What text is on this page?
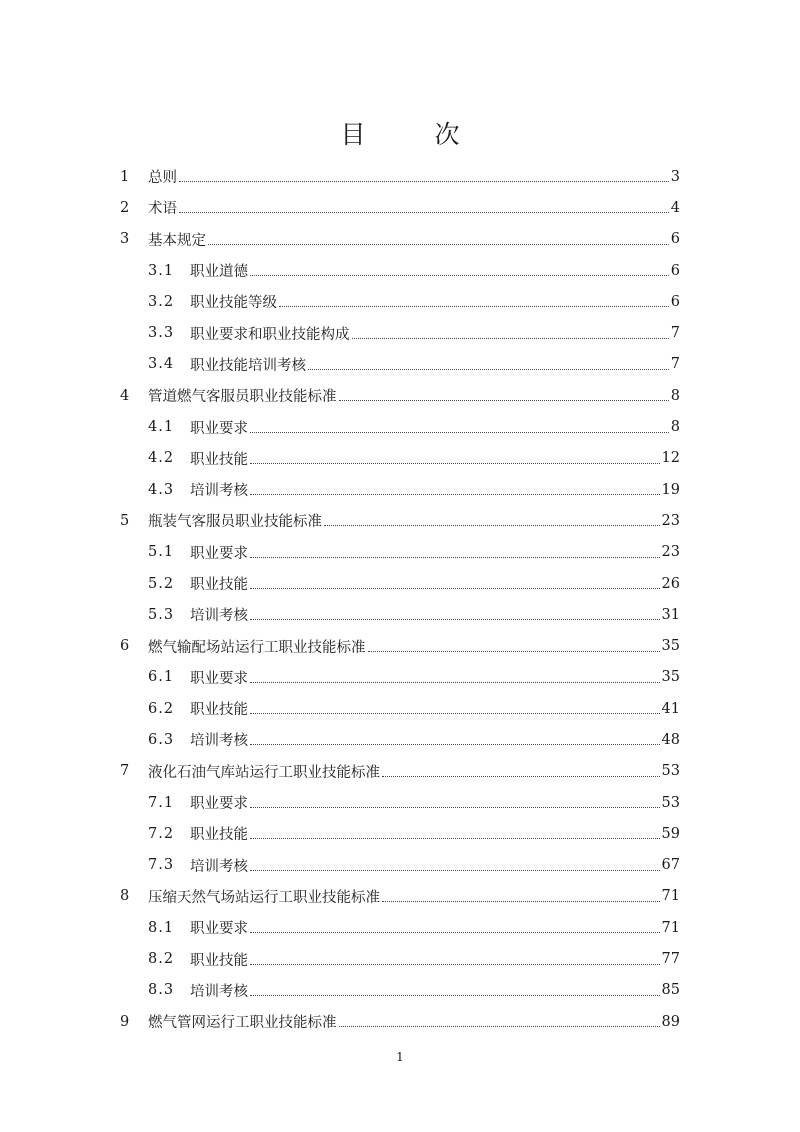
目　次
1	总则	3
2	术语	4
3	基本规定	6
3.1	职业道德	6
3.2	职业技能等级	6
3.3	职业要求和职业技能构成	7
3.4	职业技能培训考核	7
4	管道燃气客服员职业技能标准	8
4.1	职业要求	8
4.2	职业技能	12
4.3	培训考核	19
5	瓶装气客服员职业技能标准	23
5.1	职业要求	23
5.2	职业技能	26
5.3	培训考核	31
6	燃气输配场站运行工职业技能标准	35
6.1	职业要求	35
6.2	职业技能	41
6.3	培训考核	48
7	液化石油气库站运行工职业技能标准	53
7.1	职业要求	53
7.2	职业技能	59
7.3	培训考核	67
8	压缩天然气场站运行工职业技能标准	71
8.1	职业要求	71
8.2	职业技能	77
8.3	培训考核	85
9	燃气管网运行工职业技能标准	89
1
